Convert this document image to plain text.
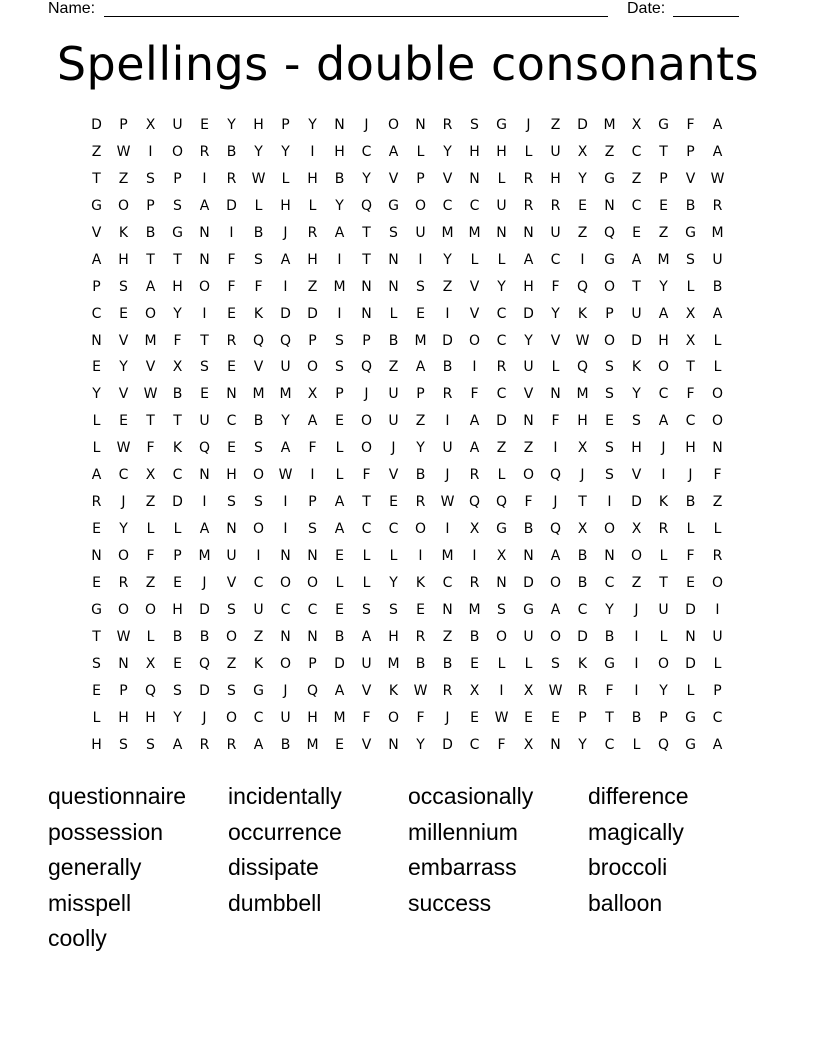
Name:	Date:
Spellings - double consonants
D	P	X	U	E	Y	H	P	Y	N	J	O	N	R	S	G	J	Z	D	M	X	G	F	A
Z	W	I	O	R	B	Y	Y	I	H	C	A	L	Y	H	H	L	U	X	Z	C	T	P	A
T	Z	S	P	I	R	W	L	H	B	Y	V	P	V	N	L	R	H	Y	G	Z	P	V	W
G	O	P	S	A	D	L	H	L	Y	Q	G	O	C	C	U	R	R	E	N	C	E	B	R
V	K	B	G	N	I	B	J	R	A	T	S	U	M	M	N	N	U	Z	Q	E	Z	G	M
A	H	T	T	N	F	S	A	H	I	T	N	I	Y	L	L	A	C	I	G	A	M	S	U
P	S	A	H	O	F	F	I	Z	M	N	N	S	Z	V	Y	H	F	Q	O	T	Y	L	B
C	E	O	Y	I	E	K	D	D	I	N	L	E	I	V	C	D	Y	K	P	U	A	X	A
N	V	M	F	T	R	Q	Q	P	S	P	B	M	D	O	C	Y	V	W	O	D	H	X	L
E	Y	V	X	S	E	V	U	O	S	Q	Z	A	B	I	R	U	L	Q	S	K	O	T	L
Y	V	W	B	E	N	M	M	X	P	J	U	P	R	F	C	V	N	M	S	Y	C	F	O
L	E	T	T	U	C	B	Y	A	E	O	U	Z	I	A	D	N	F	H	E	S	A	C	O
L	W	F	K	Q	E	S	A	F	L	O	J	Y	U	A	Z	Z	I	X	S	H	J	H	N
A	C	X	C	N	H	O	W	I	L	F	V	B	J	R	L	O	Q	J	S	V	I	J	F
R	J	Z	D	I	S	S	I	P	A	T	E	R	W	Q	Q	F	J	T	I	D	K	B	Z
E	Y	L	L	A	N	O	I	S	A	C	C	O	I	X	G	B	Q	X	O	X	R	L	L
N	O	F	P	M	U	I	N	N	E	L	L	I	M	I	X	N	A	B	N	O	L	F	R
E	R	Z	E	J	V	C	O	O	L	L	Y	K	C	R	N	D	O	B	C	Z	T	E	O
G	O	O	H	D	S	U	C	C	E	S	S	E	N	M	S	G	A	C	Y	J	U	D	I
T	W	L	B	B	O	Z	N	N	B	A	H	R	Z	B	O	U	O	D	B	I	L	N	U
S	N	X	E	Q	Z	K	O	P	D	U	M	B	B	E	L	L	S	K	G	I	O	D	L
E	P	Q	S	D	S	G	J	Q	A	V	K	W	R	X	I	X	W	R	F	I	Y	L	P
L	H	H	Y	J	O	C	U	H	M	F	O	F	J	E	W	E	E	P	T	B	P	G	C
H	S	S	A	R	R	A	B	M	E	V	N	Y	D	C	F	X	N	Y	C	L	Q	G	A
questionnaire incidentally	occasionally difference
possession	occurrence	millennium	magically
generally	dissipate	embarrass	broccoli
misspell	dumbbell	success	balloon
coolly
